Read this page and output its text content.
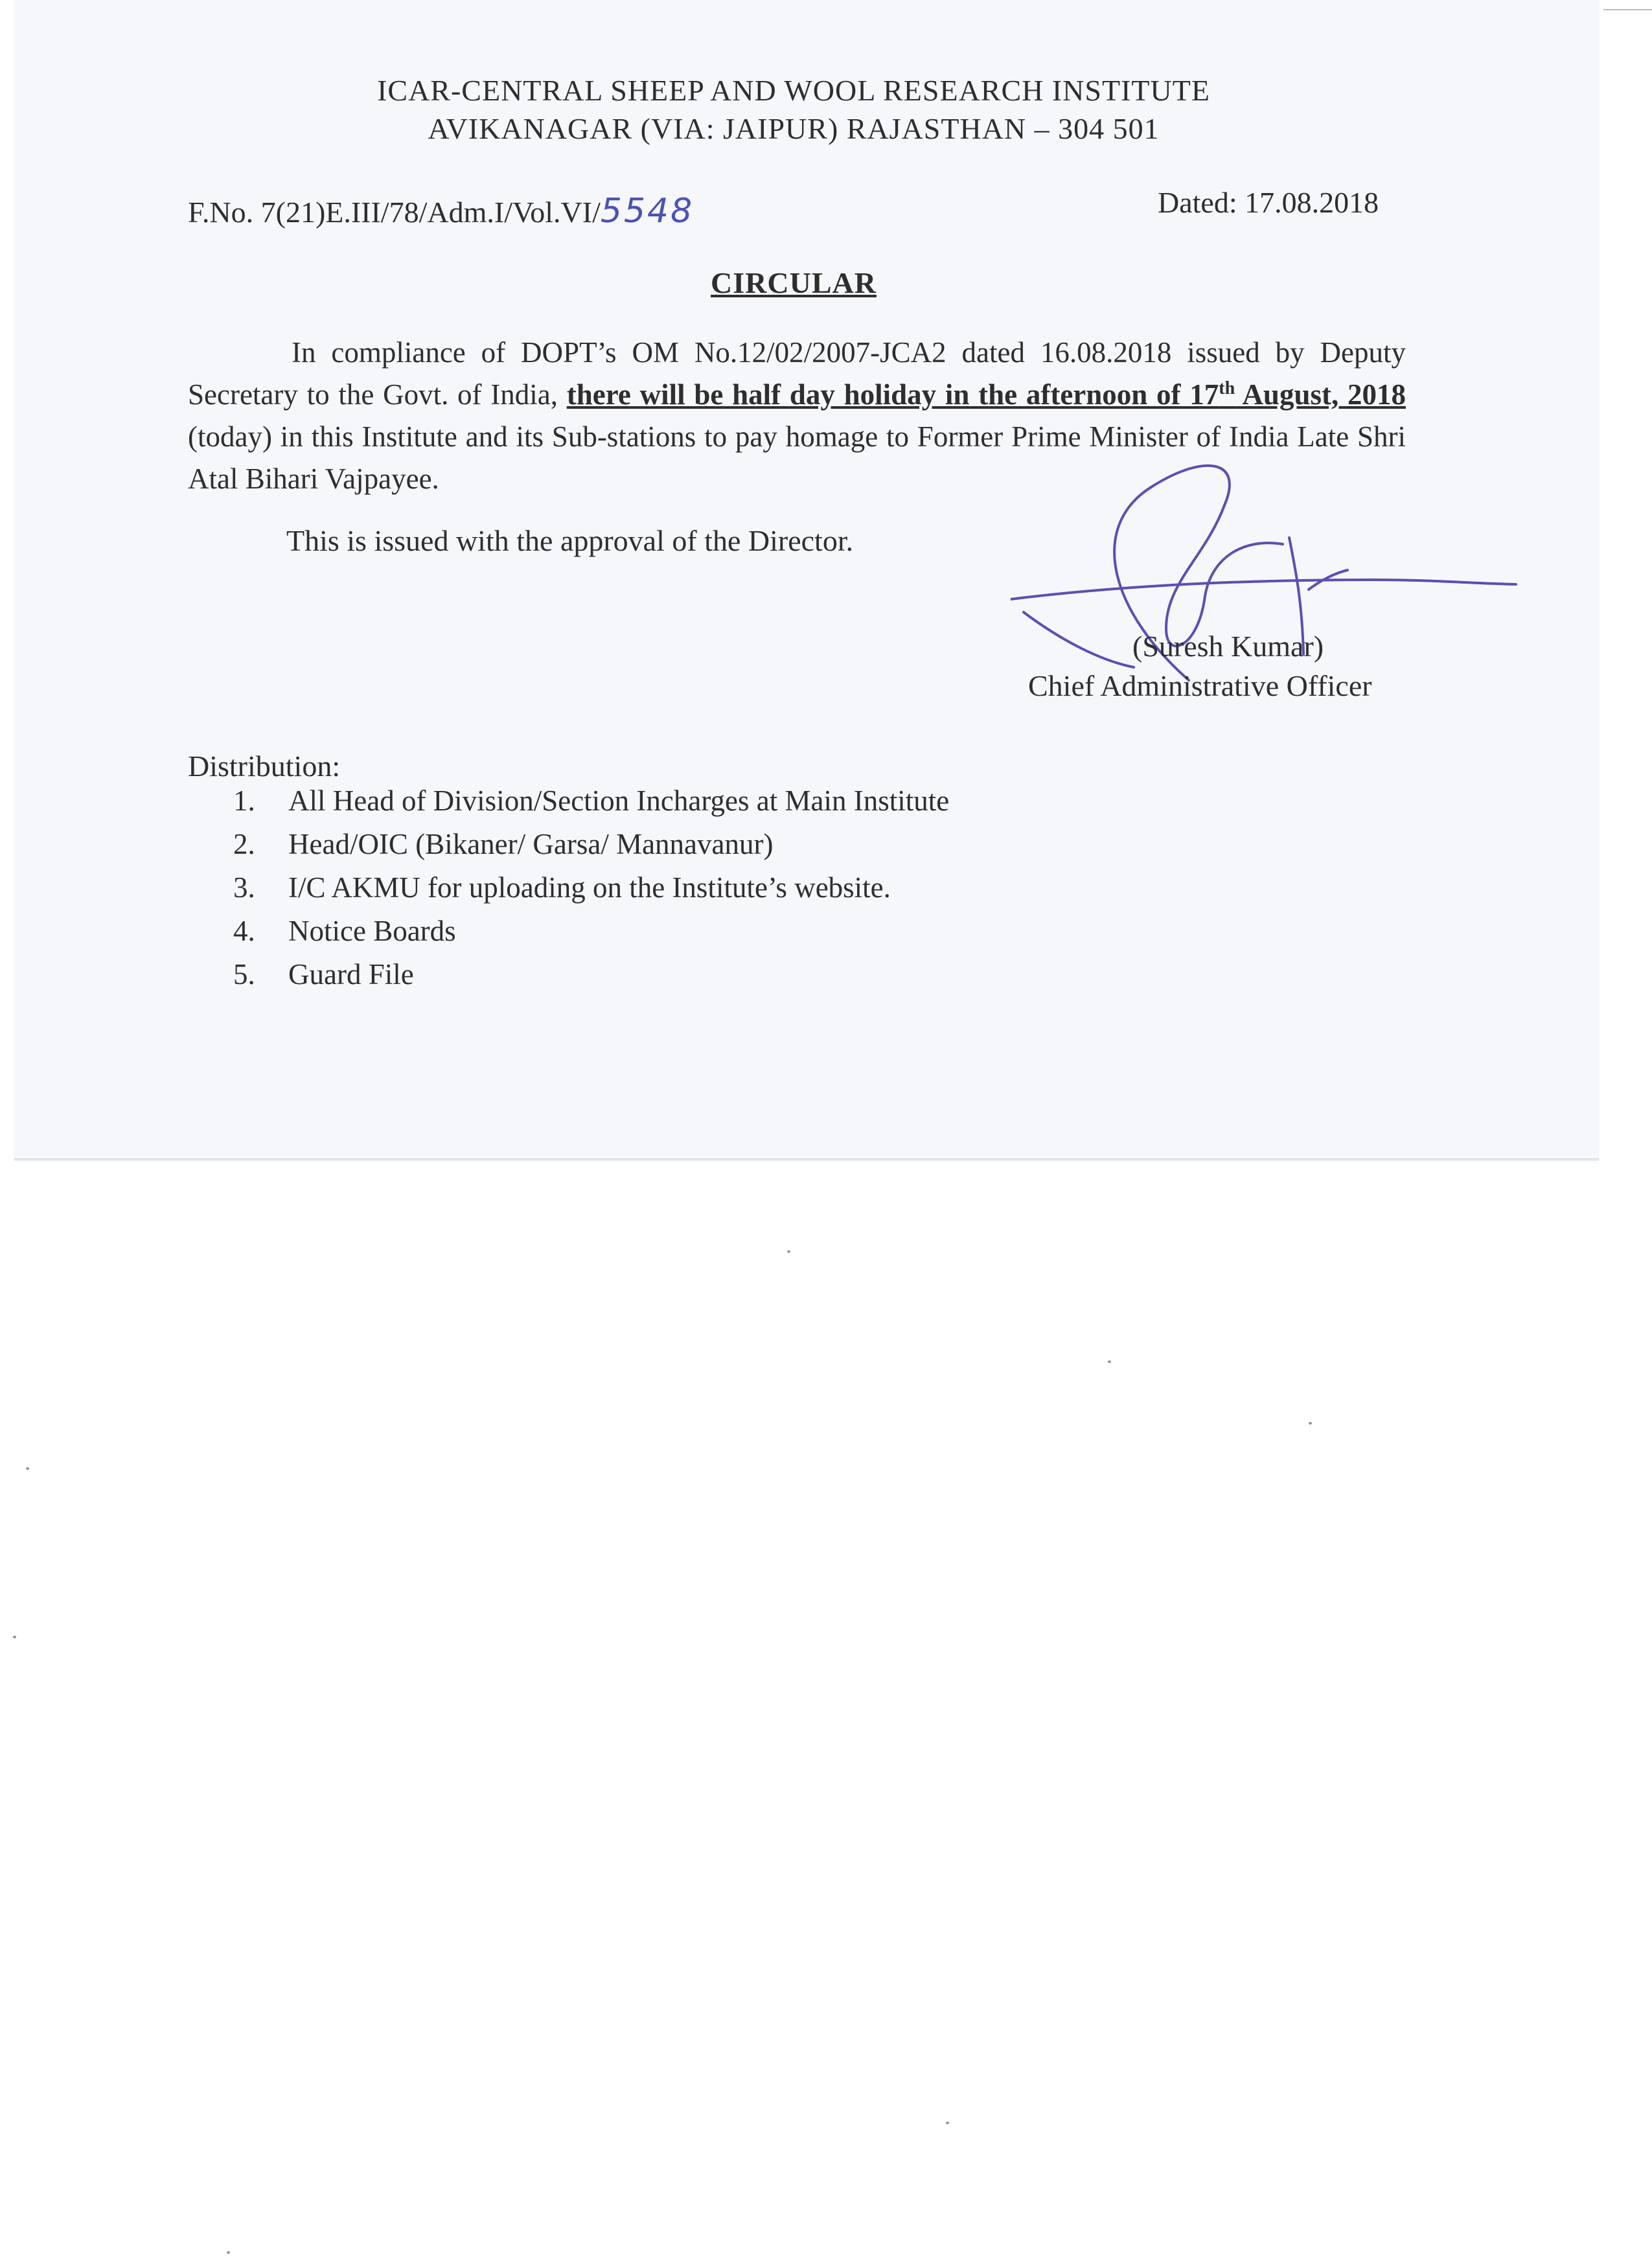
ICAR-CENTRAL SHEEP AND WOOL RESEARCH INSTITUTE
AVIKANAGAR (VIA: JAIPUR) RAJASTHAN – 304 501
F.No. 7(21)E.III/78/Adm.I/Vol.VI/5548	Dated: 17.08.2018
CIRCULAR
In compliance of DOPT’s OM No.12/02/2007-JCA2 dated 16.08.2018 issued by Deputy Secretary to the Govt. of India, there will be half day holiday in the afternoon of 17th August, 2018 (today) in this Institute and its Sub-stations to pay homage to Former Prime Minister of India Late Shri Atal Bihari Vajpayee.
This is issued with the approval of the Director.
(Suresh Kumar)
Chief Administrative Officer
Distribution:
1.	All Head of Division/Section Incharges at Main Institute
2.	Head/OIC (Bikaner/ Garsa/ Mannavanur)
3.	I/C AKMU for uploading on the Institute’s website.
4.	Notice Boards
5.	Guard File
